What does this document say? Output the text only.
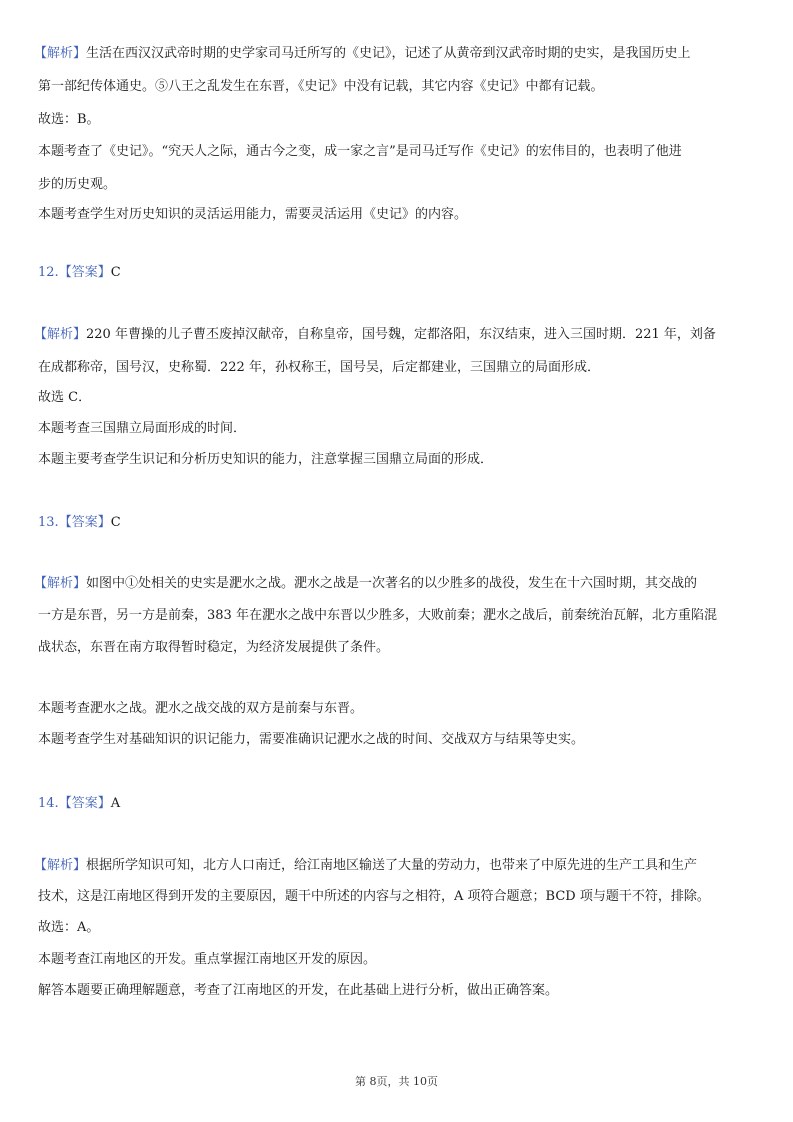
【解析】生活在西汉汉武帝时期的史学家司马迁所写的《史记》，记述了从黄帝到汉武帝时期的史实，是我国历史上
第一部纪传体通史。⑤八王之乱发生在东晋，《史记》中没有记载，其它内容《史记》中都有记载。
故选：B。
本题考查了《史记》。“究天人之际，通古今之变，成一家之言”是司马迁写作《史记》的宏伟目的，也表明了他进
步的历史观。
本题考查学生对历史知识的灵活运用能力，需要灵活运用《史记》的内容。
12.【答案】C
【解析】220 年曹操的儿子曹丕废掉汉献帝，自称皇帝，国号魏，定都洛阳，东汉结束，进入三国时期．221 年，刘备
在成都称帝，国号汉，史称蜀．222 年，孙权称王，国号吴，后定都建业，三国鼎立的局面形成．
故选 C．
本题考查三国鼎立局面形成的时间．
本题主要考查学生识记和分析历史知识的能力，注意掌握三国鼎立局面的形成．
13.【答案】C
【解析】如图中①处相关的史实是淝水之战。淝水之战是一次著名的以少胜多的战役，发生在十六国时期，其交战的
一方是东晋，另一方是前秦，383 年在淝水之战中东晋以少胜多，大败前秦；淝水之战后，前秦统治瓦解，北方重陷混
战状态，东晋在南方取得暂时稳定，为经济发展提供了条件。
本题考查淝水之战。淝水之战交战的双方是前秦与东晋。
本题考查学生对基础知识的识记能力，需要准确识记淝水之战的时间、交战双方与结果等史实。
14.【答案】A
【解析】根据所学知识可知，北方人口南迁，给江南地区输送了大量的劳动力，也带来了中原先进的生产工具和生产
技术，这是江南地区得到开发的主要原因，题干中所述的内容与之相符，A 项符合题意；BCD 项与题干不符，排除。
故选：A。
本题考查江南地区的开发。重点掌握江南地区开发的原因。
解答本题要正确理解题意，考查了江南地区的开发，在此基础上进行分析，做出正确答案。
第 8页，共 10页
